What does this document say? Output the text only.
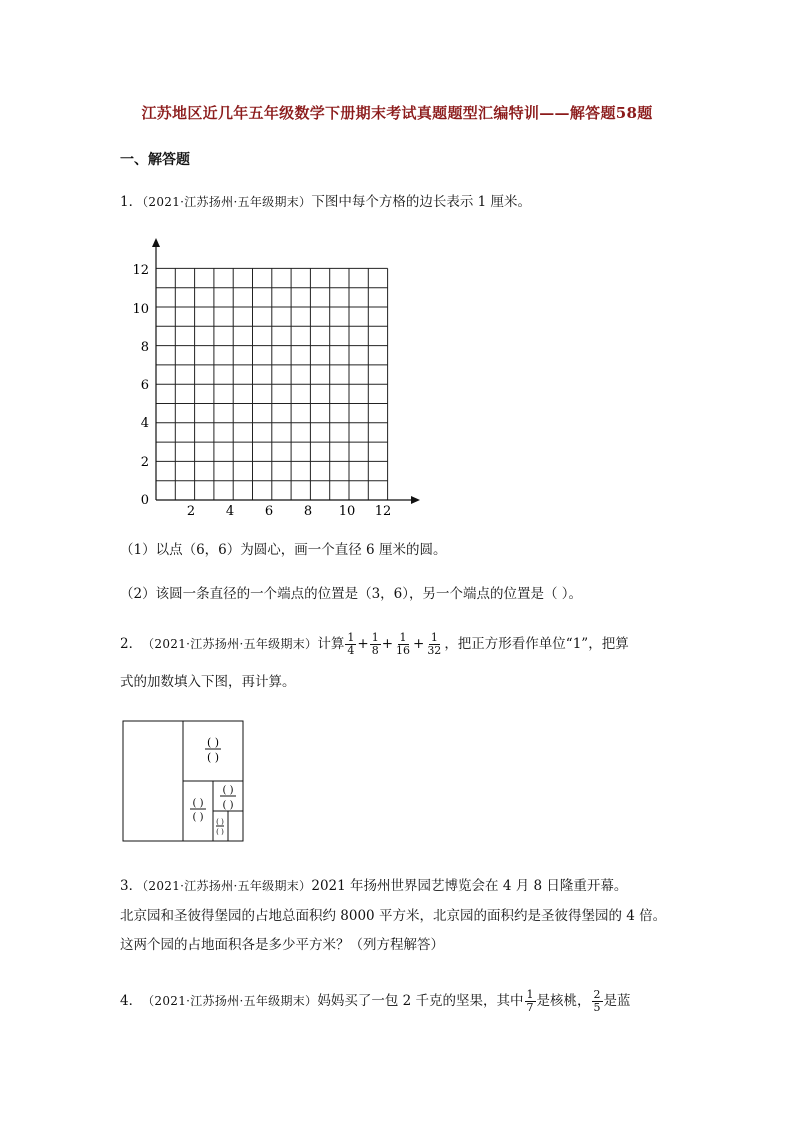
江苏地区近几年五年级数学下册期末考试真题题型汇编特训——解答题58题
一、解答题
1．（2021·江苏扬州·五年级期末）下图中每个方格的边长表示 1 厘米。
12
10
8
6
4
2
0
2 4 6 8 10 12
（1）以点（6，6）为圆心，画一个直径 6 厘米的圆。
（2）该圆一条直径的一个端点的位置是（3，6），另一个端点的位置是（ ）。
2． （2021·江苏扬州·五年级期末） 计算 $\frac{1}{4} + \frac{1}{8} + \frac{1}{16} + \frac{1}{32}$ ，把正方形看作单位“1”，把算
式的加数填入下图，再计算。
( )
( )
( )
( )
( )
( )
( )
( )
3．（2021·江苏扬州·五年级期末）2021 年扬州世界园艺博览会在 4 月 8 日隆重开幕。
北京园和圣彼得堡园的占地总面积约 8000 平方米，北京园的面积约是圣彼得堡园的 4 倍。
这两个园的占地面积各是多少平方米？（列方程解答）
4． （2021·江苏扬州·五年级期末） 妈妈买了一包 2 千克的坚果，其中 $\frac{1}{7}$ 是核桃， $\frac{2}{5}$ 是蓝
